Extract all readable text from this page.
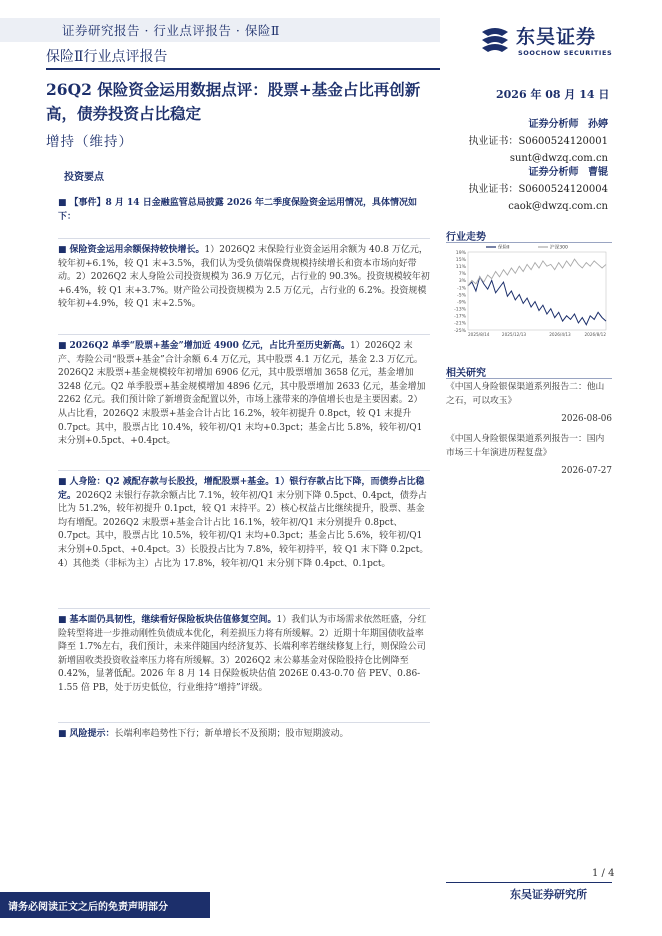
证券研究报告 · 行业点评报告 · 保险Ⅱ
保险Ⅱ行业点评报告
东吴证券
SOOCHOW SECURITIES
26Q2 保险资金运用数据点评：股票+基金占比再创新高，债券投资占比稳定
增持（维持）
2026 年 08 月 14 日
证券分析师 孙婷
执业证书：S0600524120001
sunt@dwzq.com.cn
证券分析师 曹锟
执业证书：S0600524120004
caok@dwzq.com.cn
投资要点
■ 【事件】8 月 14 日金融监管总局披露 2026 年二季度保险资金运用情况，具体情况如下：
■ 保险资金运用余额保持较快增长。1）2026Q2 末保险行业资金运用余额为 40.8 万亿元，较年初+6.1%，较 Q1 末+3.5%，我们认为受负债端保费规模持续增长和资本市场向好带动。2）2026Q2 末人身险公司投资规模为 36.9 万亿元，占行业的 90.3%。投资规模较年初+6.4%，较 Q1 末+3.7%。财产险公司投资规模为 2.5 万亿元，占行业的 6.2%。投资规模较年初+4.9%，较 Q1 末+2.5%。
■ 2026Q2 单季“股票+基金”增加近 4900 亿元，占比升至历史新高。1）2026Q2 末产、寿险公司“股票+基金”合计余额 6.4 万亿元，其中股票 4.1 万亿元，基金 2.3 万亿元。2026Q2 末股票+基金规模较年初增加 6906 亿元，其中股票增加 3658 亿元，基金增加 3248 亿元。Q2 单季股票+基金规模增加 4896 亿元，其中股票增加 2633 亿元，基金增加 2262 亿元。我们预计除了新增资金配置以外，市场上涨带来的净值增长也是主要因素。2）从占比看，2026Q2 末股票+基金合计占比 16.2%，较年初提升 0.8pct，较 Q1 末提升 0.7pct。其中，股票占比 10.4%，较年初/Q1 末均+0.3pct；基金占比 5.8%，较年初/Q1 末分别+0.5pct、+0.4pct。
■ 人身险：Q2 减配存款与长股投，增配股票+基金。1）银行存款占比下降，而债券占比稳定。2026Q2 末银行存款余额占比 7.1%，较年初/Q1 末分别下降 0.5pct、0.4pct，债券占比为 51.2%，较年初提升 0.1pct，较 Q1 末持平。2）核心权益占比继续提升，股票、基金均有增配。2026Q2 末股票+基金合计占比 16.1%，较年初/Q1 末分别提升 0.8pct、0.7pct。其中，股票占比 10.5%，较年初/Q1 末均+0.3pct；基金占比 5.6%，较年初/Q1 末分别+0.5pct、+0.4pct。3）长股投占比为 7.8%，较年初持平，较 Q1 末下降 0.2pct。4）其他类（非标为主）占比为 17.8%，较年初/Q1 末分别下降 0.4pct、0.1pct。
■ 基本面仍具韧性，继续看好保险板块估值修复空间。1）我们认为市场需求依然旺盛，分红险转型将进一步推动刚性负债成本优化，利差损压力将有所缓解。2）近期十年期国债收益率降至 1.7%左右，我们预计，未来伴随国内经济复苏、长端利率若继续修复上行，则保险公司新增固收类投资收益率压力将有所缓解。3）2026Q2 末公募基金对保险股持仓比例降至 0.42%，显著低配。2026 年 8 月 14 日保险板块估值 2026E 0.43-0.70 倍 PEV、0.86-1.55 倍 PB，处于历史低位，行业维持“增持”评级。
■ 风险提示：长端利率趋势性下行；新单增长不及预期；股市短期波动。
行业走势
19%
15%
11%
7%
3%
-1%
-5%
-9%
-13%
-17%
-21%
-25%
2025/8/14	2025/12/13	2026/4/13	2026/8/12
保险Ⅱ	沪深300
相关研究
《中国人身险银保渠道系列报告二：他山之石，可以攻玉》
2026-08-06
《中国人身险银保渠道系列报告一：国内市场三十年演进历程复盘》
2026-07-27
1 / 4
东吴证券研究所
请务必阅读正文之后的免责声明部分
